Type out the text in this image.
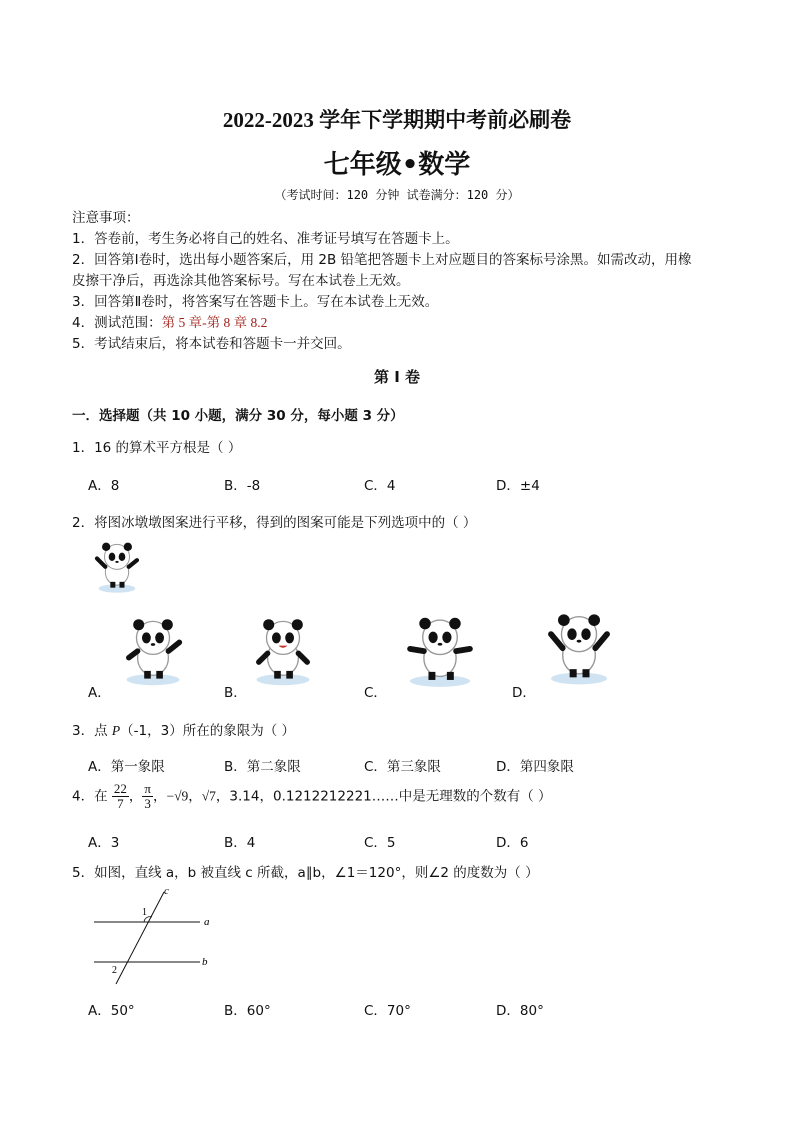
2022-2023 学年下学期期中考前必刷卷
七年级•数学
（考试时间：120 分钟 试卷满分：120 分）
注意事项：
1．答卷前，考生务必将自己的姓名、准考证号填写在答题卡上。
2．回答第Ⅰ卷时，选出每小题答案后，用 2B 铅笔把答题卡上对应题目的答案标号涂黑。如需改动，用橡
皮擦干净后，再选涂其他答案标号。写在本试卷上无效。
3．回答第Ⅱ卷时，将答案写在答题卡上。写在本试卷上无效。
4．测试范围：第 5 章-第 8 章 8.2
5．考试结束后，将本试卷和答题卡一并交回。
第 Ⅰ 卷
一．选择题（共 10 小题，满分 30 分，每小题 3 分）
1．16 的算术平方根是（ ）
A．8	B．-8	C．4	D．±4
2．将图冰墩墩图案进行平移，得到的图案可能是下列选项中的（ ）
A．	B．	C．	D．
3．点 P（-1，3）所在的象限为（ ）
A．第一象限	B．第二象限	C．第三象限	D．第四象限
4．在 $\frac{22}{7}$ ， $\frac{\pi}{3}$ ，−√9，√7，3.14，0.1212212221……中是无理数的个数有（ ）
A．3	B．4	C．5	D．6
5．如图，直线 a，b 被直线 c 所截，a∥b，∠1＝120°，则∠2 的度数为（ ）
c
a
b
1
2
A．50°	B．60°	C．70°	D．80°
